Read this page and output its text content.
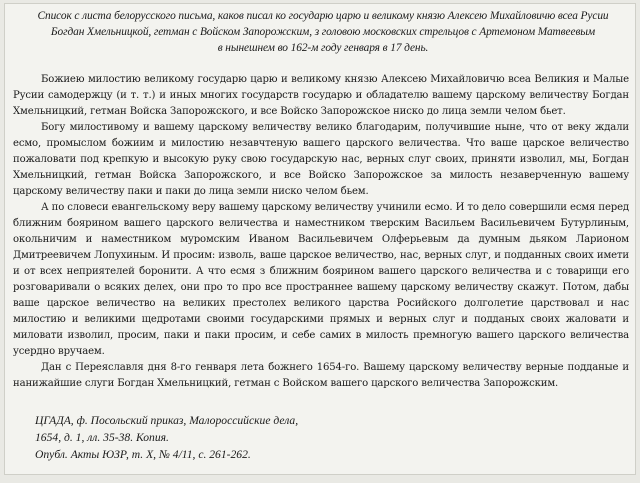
Список с листа белорусского письма, каков писал ко государю царю и великому князю Алексею Михайловичю всеа Русии
Богдан Хмельницкой, гетман с Войском Запорожским, з головою московских стрельцов с Артемоном Матвеевым
в нынешнем во 162-м году генваря в 17 день.

Божиею милостию великому государю царю и великому князю Алексею Михайловичю всеа Великия и Малые Русии самодержцу (и т. т.) и иных многих государств государю и обладателю вашему царскому величеству Богдан Хмельницкий, гетман Войска Запорожского, и все Войско Запорожское ниско до лица земли челом бьет.

Богу милостивому и вашему царскому величеству велико благодарим, получившие ныне, что от веку ждали есмо, промыслом божиим и милостию незавчтеную вашего царского величества. Что ваше царское величество пожаловати под крепкую и высокую руку свою государскую нас, верных слуг своих, приняти изволил, мы, Богдан Хмельницкий, гетман Войска Запорожского, и все Войско Запорожское за милость незаверченную вашему царскому величеству паки и паки до лица земли ниско челом бьем.

А по словеси евангельскому веру вашему царскому величеству учинили есмо. И то дело совершили есмя перед ближним боярином вашего царского величества и наместником тверским Васильем Васильевичем Бутурлиным, окольничим и наместником муромским Иваном Васильевичем Олферьевым да думным дьяком Ларионом Дмитреевичем Лопухиным. И просим: изволь, ваше царское величество, нас, верных слуг, и подданных своих имети и от всех неприятелей боронити. А что есмя з ближним боярином вашего царского величества и с товарищи его розговаривали о всяких делех, они про то про все пространнее вашему царскому величеству скажут. Потом, дабы ваше царское величество на великих престолех великого царства Росийского долголетие царствовал и нас милостию и великими щедротами своими государскими прямых и верных слуг и подданых своих жаловати и миловати изволил, просим, паки и паки просим, и себе самих в милость премногую вашего царского величества усердно вручаем.

Дан с Переяславля дня 8-го генваря лета божнего 1654-го. Вашему царскому величеству верные подданые и нанижайшие слуги Богдан Хмельницкий, гетман с Войском вашего царского величества Запорожским.

ЦГАДА, ф. Посольский приказ, Малороссийские дела,
1654, д. 1, лл. 35-38. Копия.
Опубл. Акты ЮЗР, т. X, № 4/11, с. 261-262.
